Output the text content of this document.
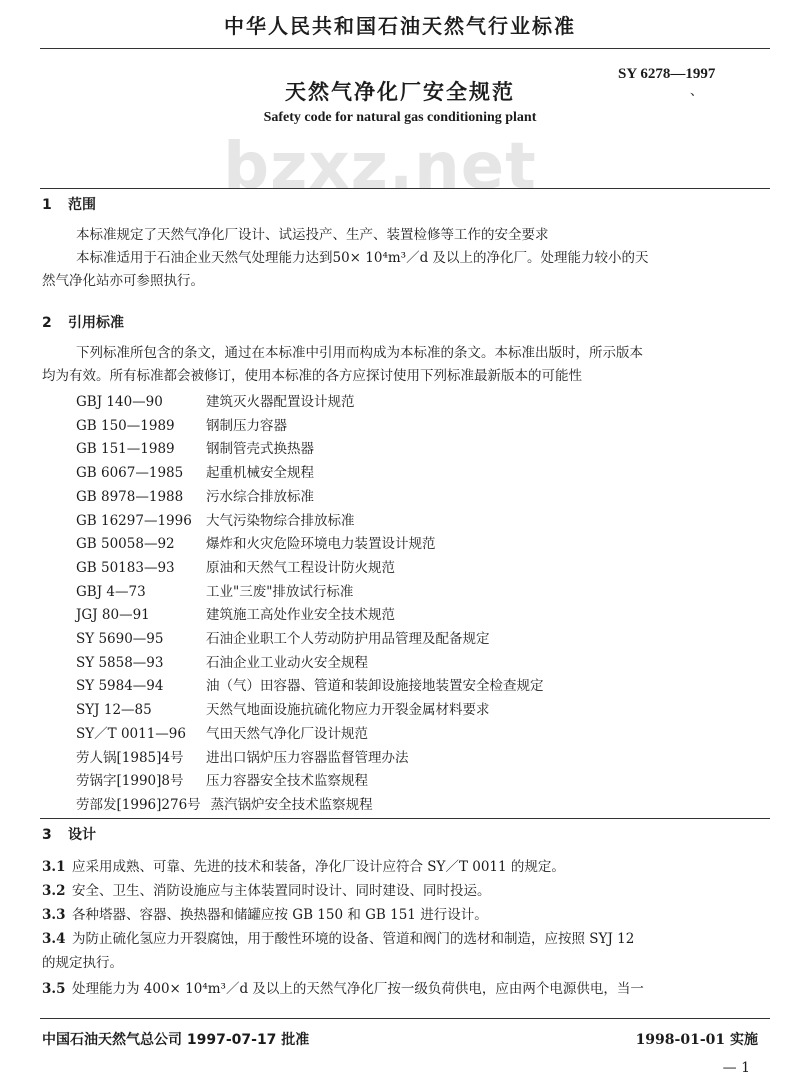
中华人民共和国石油天然气行业标准
SY 6278—1997
、
天然气净化厂安全规范
Safety code for natural gas conditioning plant
bzxz.net
1 范围
本标准规定了天然气净化厂设计、试运投产、生产、装置检修等工作的安全要求
本标准适用于石油企业天然气处理能力达到50× 10⁴m³／d 及以上的净化厂。处理能力较小的天
然气净化站亦可参照执行。
2 引用标准
下列标准所包含的条文，通过在本标准中引用而构成为本标准的条文。本标准出版时，所示版本
均为有效。所有标准都会被修订，使用本标准的各方应探讨使用下列标准最新版本的可能性
GBJ 140—90	建筑灭火器配置设计规范
GB 150—1989 钢制压力容器
GB 151—1989 钢制管壳式换热器
GB 6067—1985 起重机械安全规程
GB 8978—1988 污水综合排放标准
GB 16297—1996 大气污染物综合排放标准
GB 50058—92 爆炸和火灾危险环境电力装置设计规范
GB 50183—93 原油和天然气工程设计防火规范
GBJ 4—73	工业"三废"排放试行标准
JGJ 80—91	建筑施工高处作业安全技术规范
SY 5690—95	石油企业职工个人劳动防护用品管理及配备规定
SY 5858—93	石油企业工业动火安全规程
SY 5984—94	油（气）田容器、管道和装卸设施接地装置安全检查规定
SYJ 12—85	天然气地面设施抗硫化物应力开裂金属材料要求
SY／T 0011—96 气田天然气净化厂设计规范
劳人锅[1985]4号 进出口锅炉压力容器监督管理办法
劳锅字[1990]8号 压力容器安全技术监察规程
劳部发[1996]276号 蒸汽锅炉安全技术监察规程
3 设计
3.1 应采用成熟、可靠、先进的技术和装备，净化厂设计应符合 SY／T 0011 的规定。
3.2 安全、卫生、消防设施应与主体装置同时设计、同时建设、同时投运。
3.3 各种塔器、容器、换热器和储罐应按 GB 150 和 GB 151 进行设计。
3.4 为防止硫化氢应力开裂腐蚀，用于酸性环境的设备、管道和阀门的选材和制造，应按照 SYJ 12
的规定执行。
3.5 处理能力为 400× 10⁴m³／d 及以上的天然气净化厂按一级负荷供电，应由两个电源供电，当一
中国石油天然气总公司 1997-07-17 批准	1998-01-01 实施
— 1
